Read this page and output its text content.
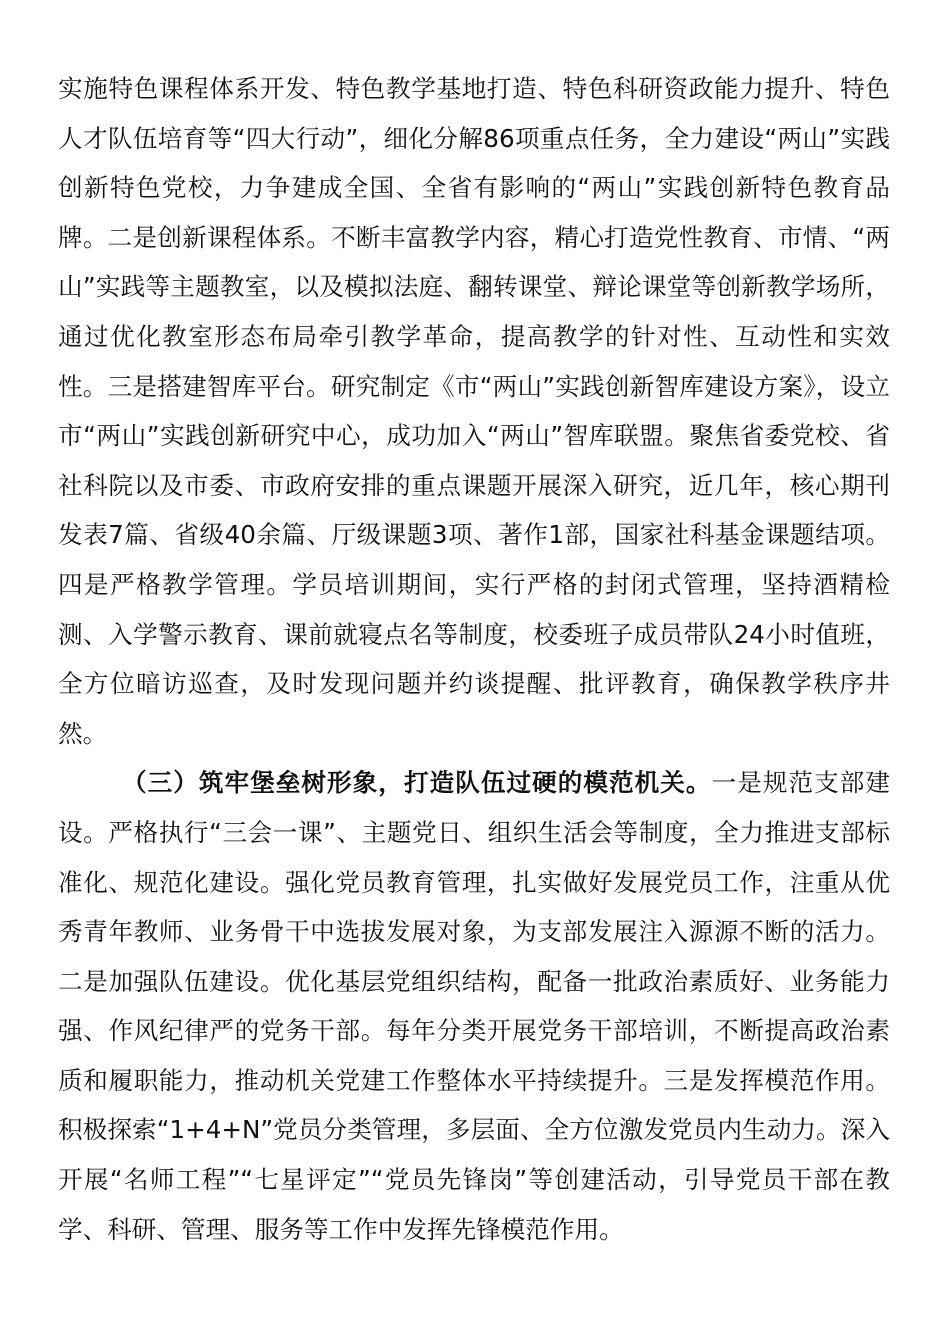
实施特色课程体系开发、特色教学基地打造、特色科研资政能力提升、特色人才队伍培育等“四大行动”，细化分解86项重点任务，全力建设“两山”实践创新特色党校，力争建成全国、全省有影响的“两山”实践创新特色教育品牌。二是创新课程体系。不断丰富教学内容，精心打造党性教育、市情、“两山”实践等主题教室，以及模拟法庭、翻转课堂、辩论课堂等创新教学场所，通过优化教室形态布局牵引教学革命，提高教学的针对性、互动性和实效性。三是搭建智库平台。研究制定《市“两山”实践创新智库建设方案》，设立市“两山”实践创新研究中心，成功加入“两山”智库联盟。聚焦省委党校、省社科院以及市委、市政府安排的重点课题开展深入研究，近几年，核心期刊发表7篇、省级40余篇、厅级课题3项、著作1部，国家社科基金课题结项。四是严格教学管理。学员培训期间，实行严格的封闭式管理，坚持酒精检测、入学警示教育、课前就寝点名等制度，校委班子成员带队24小时值班，全方位暗访巡查，及时发现问题并约谈提醒、批评教育，确保教学秩序井然。

（三）筑牢堡垒树形象，打造队伍过硬的模范机关。一是规范支部建设。严格执行“三会一课”、主题党日、组织生活会等制度，全力推进支部标准化、规范化建设。强化党员教育管理，扎实做好发展党员工作，注重从优秀青年教师、业务骨干中选拔发展对象，为支部发展注入源源不断的活力。二是加强队伍建设。优化基层党组织结构，配备一批政治素质好、业务能力强、作风纪律严的党务干部。每年分类开展党务干部培训，不断提高政治素质和履职能力，推动机关党建工作整体水平持续提升。三是发挥模范作用。积极探索“1+4+N”党员分类管理，多层面、全方位激发党员内生动力。深入开展“名师工程”“七星评定”“党员先锋岗”等创建活动，引导党员干部在教学、科研、管理、服务等工作中发挥先锋模范作用。
